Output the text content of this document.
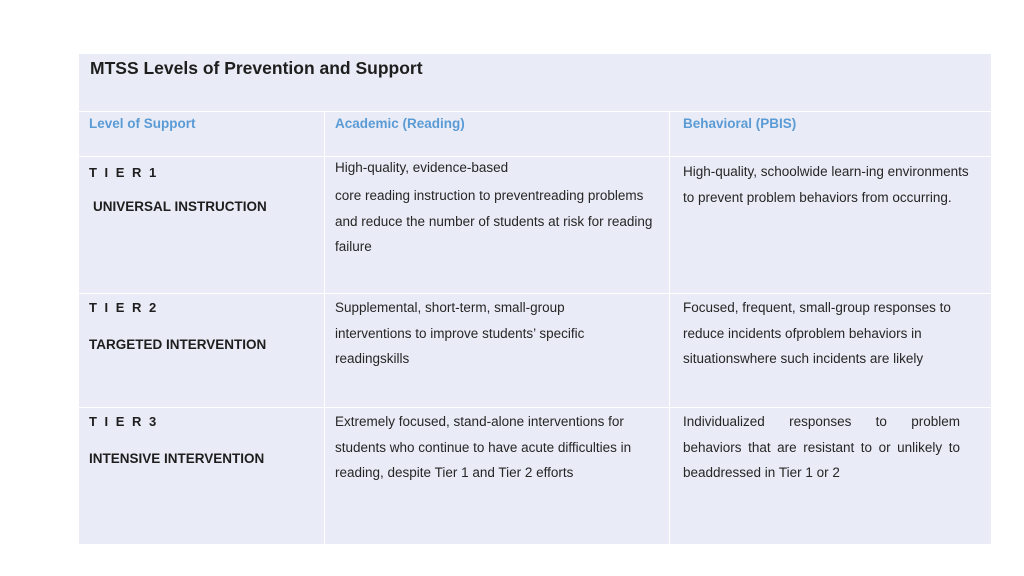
MTSS Levels of Prevention and Support
Level of Support	Academic (Reading)	Behavioral (PBIS)
T I E R 1
UNIVERSAL INSTRUCTION
High-quality, evidence-based
core reading instruction to preventreading problems and reduce the number of students at risk for reading failure
High-quality, schoolwide learn-ing environments to prevent problem behaviors from occurring.
T I E R 2
TARGETED INTERVENTION
Supplemental, short-term, small-group interventions to improve students’ specific readingskills
Focused, frequent, small-group responses to reduce incidents ofproblem behaviors in situationswhere such incidents are likely
T I E R 3
INTENSIVE INTERVENTION
Extremely focused, stand-alone interventions for students who continue to have acute difficulties in reading, despite Tier 1 and Tier 2 efforts
Individualized responses to problem behaviors that are resistant to or unlikely to beaddressed in Tier 1 or 2
